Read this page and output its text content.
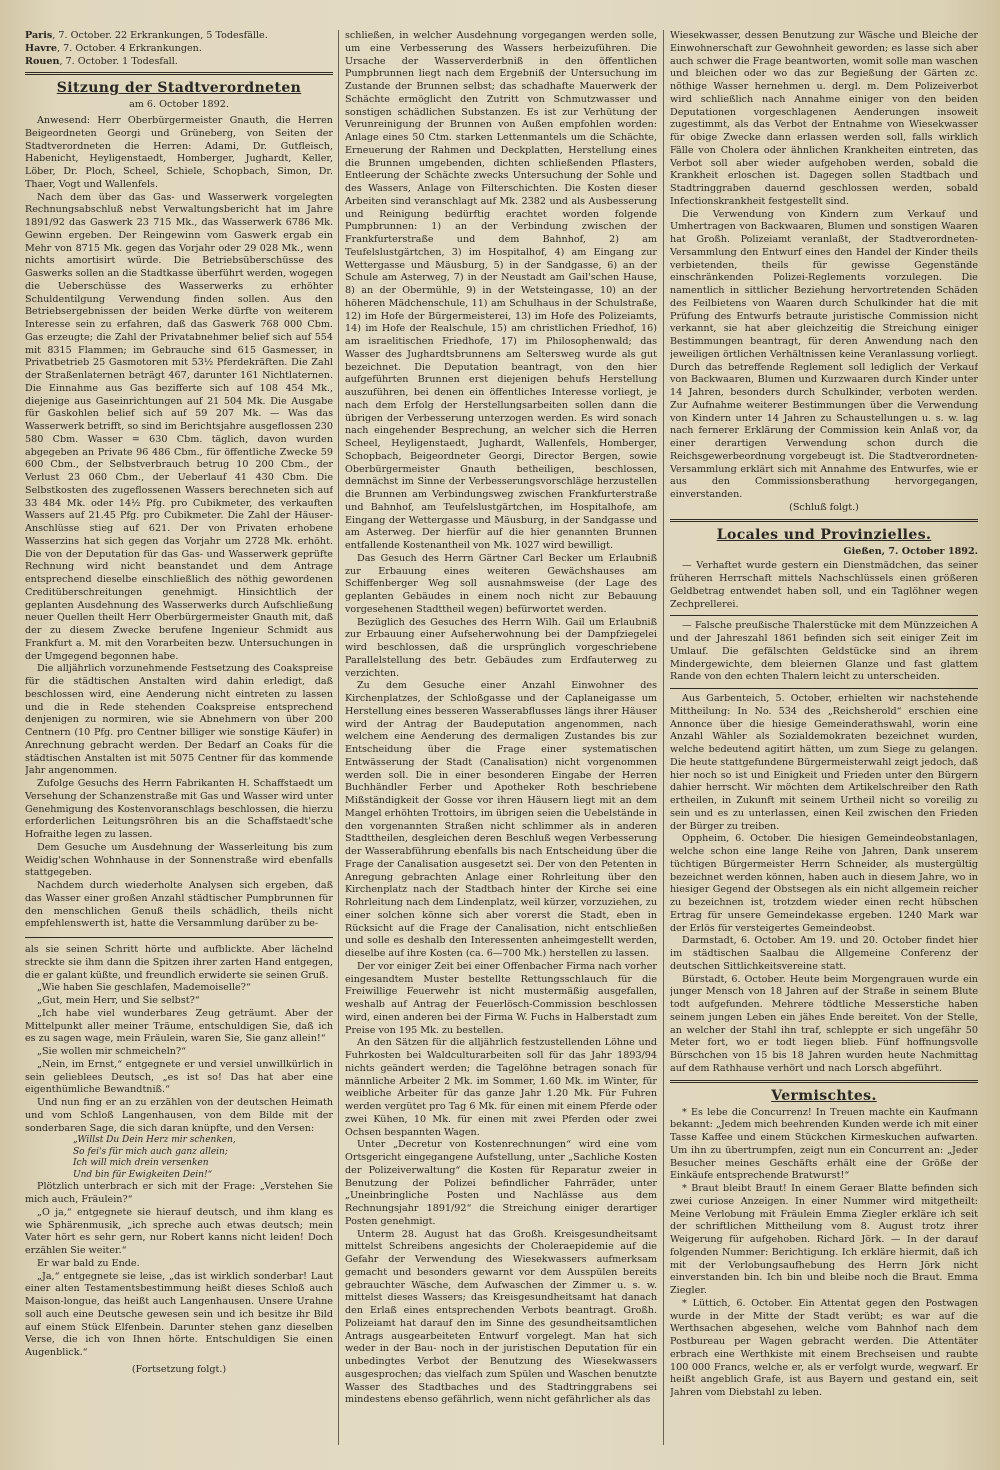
Paris, 7. October. 22 Erkrankungen, 5 Todesfälle.
Havre, 7. October. 4 Erkrankungen.
Rouen, 7. October. 1 Todesfall.
Sitzung der Stadtverordneten
am 6. October 1892.

Anwesend: Herr Oberbürgermeister Gnauth, die Herren Beigeordneten Georgi und Grüneberg, von Seiten der Stadtverordneten die Herren: Adami, Dr. Gutfleisch, Habenicht, Heyligenstaedt, Homberger, Jughardt, Keller, Löber, Dr. Ploch, Scheel, Schiele, Schopbach, Simon, Dr. Thaer, Vogt und Wallenfels.

Nach dem über das Gas- und Wasserwerk vorgelegten Rechnungsabschluß nebst Verwaltungsbericht hat im Jahre 1891/92 das Gaswerk 23 715 Mk., das Wasserwerk 6786 Mk. Gewinn ergeben. Der Reingewinn vom Gaswerk ergab ein Mehr von 8715 Mk. gegen das Vorjahr oder 29 028 Mk., wenn nichts amortisirt würde. Die Betriebsüberschüsse des Gaswerks sollen an die Stadtkasse überführt werden, wogegen die Ueberschüsse des Wasserwerks zu erhöhter Schuldentilgung Verwendung finden sollen. Aus den Betriebsergebnissen der beiden Werke dürfte von weiterem Interesse sein zu erfahren, daß das Gaswerk 768 000 Cbm. Gas erzeugte; die Zahl der Privatabnehmer belief sich auf 554 mit 8315 Flammen; im Gebrauche sind 615 Gasmesser, in Privatbetrieb 25 Gasmotoren mit 53½ Pferdekräften. Die Zahl der Straßenlaternen beträgt 467, darunter 161 Nichtlaternen. Die Einnahme aus Gas bezifferte sich auf 108 454 Mk., diejenige aus Gaseinrichtungen auf 21 504 Mk. Die Ausgabe für Gaskohlen belief sich auf 59 207 Mk. — Was das Wasserwerk betrifft, so sind im Berichtsjahre ausgeflossen 230 580 Cbm. Wasser = 630 Cbm. täglich, davon wurden abgegeben an Private 96 486 Cbm., für öffentliche Zwecke 59 600 Cbm., der Selbstverbrauch betrug 10 200 Cbm., der Verlust 23 060 Cbm., der Ueberlauf 41 430 Cbm. Die Selbstkosten des zugeflossenen Wassers berechneten sich auf 33 484 Mk. oder 14½ Pfg. pro Cubikmeter, des verkauften Wassers auf 21.45 Pfg. pro Cubikmeter. Die Zahl der Häuser-Anschlüsse stieg auf 621. Der von Privaten erhobene Wasserzins hat sich gegen das Vorjahr um 2728 Mk. erhöht. Die von der Deputation für das Gas- und Wasserwerk geprüfte Rechnung wird nicht beanstandet und dem Antrage entsprechend dieselbe einschließlich des nöthig gewordenen Creditüberschreitungen genehmigt. Hinsichtlich der geplanten Ausdehnung des Wasserwerks durch Aufschließung neuer Quellen theilt Herr Oberbürgermeister Gnauth mit, daß der zu diesem Zwecke berufene Ingenieur Schmidt aus Frankfurt a. M. mit den Vorarbeiten bezw. Untersuchungen in der Umgegend begonnen habe.

Die alljährlich vorzunehmende Festsetzung des Coakspreise für die städtischen Anstalten wird dahin erledigt, daß beschlossen wird, eine Aenderung nicht eintreten zu lassen und die in Rede stehenden Coakspreise entsprechend denjenigen zu normiren, wie sie Abnehmern von über 200 Centnern (10 Pfg. pro Centner billiger wie sonstige Käufer) in Anrechnung gebracht werden. Der Bedarf an Coaks für die städtischen Anstalten ist mit 5075 Centner für das kommende Jahr angenommen.

Zufolge Gesuchs des Herrn Fabrikanten H. Schaffstaedt um Versehung der Schanzenstraße mit Gas und Wasser wird unter Genehmigung des Kostenvoranschlags beschlossen, die hierzu erforderlichen Leitungsröhren bis an die Schaffstaedt'sche Hofraithe legen zu lassen.

Dem Gesuche um Ausdehnung der Wasserleitung bis zum Weidig'schen Wohnhause in der Sonnenstraße wird ebenfalls stattgegeben.

Nachdem durch wiederholte Analysen sich ergeben, daß das Wasser einer großen Anzahl städtischer Pumpbrunnen für den menschlichen Genuß theils schädlich, theils nicht empfehlenswerth ist, hatte die Versammlung darüber zu be-

als sie seinen Schritt hörte und aufblickte. Aber lächelnd streckte sie ihm dann die Spitzen ihrer zarten Hand entgegen, die er galant küßte, und freundlich erwiderte sie seinen Gruß.

„Wie haben Sie geschlafen, Mademoiselle?“

„Gut, mein Herr, und Sie selbst?“

„Ich habe viel wunderbares Zeug geträumt. Aber der Mittelpunkt aller meiner Träume, entschuldigen Sie, daß ich es zu sagen wage, mein Fräulein, waren Sie, Sie ganz allein!“

„Sie wollen mir schmeicheln?“

„Nein, im Ernst,“ entgegnete er und versiel unwillkürlich in sein gelieblees Deutsch, „es ist so! Das hat aber eine eigenthümliche Bewandtniß.“

Und nun fing er an zu erzählen von der deutschen Heimath und vom Schloß Langenhausen, von dem Bilde mit der sonderbaren Sage, die sich daran knüpfte, und den Versen:

„Willst Du Dein Herz mir schenken,
So fei's für mich auch ganz allein;
Ich will mich drein versenken
Und bin für Ewigkeiten Dein!“

Plötzlich unterbrach er sich mit der Frage: „Verstehen Sie mich auch, Fräulein?“

„O ja,“ entgegnete sie hierauf deutsch, und ihm klang es wie Sphärenmusik, „ich spreche auch etwas deutsch; mein Vater hört es sehr gern, nur Robert kanns nicht leiden! Doch erzählen Sie weiter.“

Er war bald zu Ende.

„Ja,“ entgegnete sie leise, „das ist wirklich sonderbar! Laut einer alten Testamentsbestimmung heißt dieses Schloß auch Maison-longue, das heißt auch Langenhausen. Unsere Urahne soll auch eine Deutsche gewesen sein und ich besitze ihr Bild auf einem Stück Elfenbein. Darunter stehen ganz dieselben Verse, die ich von Ihnen hörte. Entschuldigen Sie einen Augenblick.“

(Fortsetzung folgt.)

schließen, in welcher Ausdehnung vorgegangen werden solle, um eine Verbesserung des Wassers herbeizuführen. Die Ursache der Wasserverderbniß in den öffentlichen Pumpbrunnen liegt nach dem Ergebniß der Untersuchung im Zustande der Brunnen selbst; das schadhafte Mauerwerk der Schächte ermöglicht den Zutritt von Schmutzwasser und sonstigen schädlichen Substanzen. Es ist zur Verhütung der Verunreinigung der Brunnen von Außen empfohlen worden: Anlage eines 50 Ctm. starken Lettenmantels um die Schächte, Erneuerung der Rahmen und Deckplatten, Herstellung eines die Brunnen umgebenden, dichten schließenden Pflasters, Entleerung der Schächte zwecks Untersuchung der Sohle und des Wassers, Anlage von Filterschichten. Die Kosten dieser Arbeiten sind veranschlagt auf Mk. 2382 und als Ausbesserung und Reinigung bedürftig erachtet worden folgende Pumpbrunnen: 1) an der Verbindung zwischen der Frankfurterstraße und dem Bahnhof, 2) am Teufelslustgärtchen, 3) im Hospitalhof, 4) am Eingang zur Wettergasse und Mäusburg, 5) in der Sandgasse, 6) an der Schule am Asterweg, 7) in der Neustadt am Gail'schen Hause, 8) an der Obermühle, 9) in der Wetsteingasse, 10) an der höheren Mädchenschule, 11) am Schulhaus in der Schulstraße, 12) im Hofe der Bürgermeisterei, 13) im Hofe des Polizeiamts, 14) im Hofe der Realschule, 15) am christlichen Friedhof, 16) am israelitischen Friedhofe, 17) im Philosophenwald; das Wasser des Jughardtsbrunnens am Seltersweg wurde als gut bezeichnet. Die Deputation beantragt, von den hier aufgeführten Brunnen erst diejenigen behufs Herstellung auszuführen, bei denen ein öffentliches Interesse vorliegt, je nach dem Erfolg der Herstellungsarbeiten sollen dann die übrigen der Verbesserung unterzogen werden. Es wird sonach nach eingehender Besprechung, an welcher sich die Herren Scheel, Heyligenstaedt, Jughardt, Wallenfels, Homberger, Schopbach, Beigeordneter Georgi, Director Bergen, sowie Oberbürgermeister Gnauth betheiligen, beschlossen, demnächst im Sinne der Verbesserungsvorschläge herzustellen die Brunnen am Verbindungsweg zwischen Frankfurterstraße und Bahnhof, am Teufelslustgärtchen, im Hospitalhofe, am Eingang der Wettergasse und Mäusburg, in der Sandgasse und am Asterweg. Der hierfür auf die hier genannten Brunnen entfallende Kostenantheil von Mk. 1027 wird bewilligt.

Das Gesuch des Herrn Gärtner Carl Becker um Erlaubniß zur Erbauung eines weiteren Gewächshauses am Schiffenberger Weg soll ausnahmsweise (der Lage des geplanten Gebäudes in einem noch nicht zur Bebauung vorgesehenen Stadttheil wegen) befürwortet werden.

Bezüglich des Gesuches des Herrn Wilh. Gail um Erlaubniß zur Erbauung einer Aufseherwohnung bei der Dampfziegelei wird beschlossen, daß die ursprünglich vorgeschriebene Parallelstellung des betr. Gebäudes zum Erdfauterweg zu verzichten.

Zu dem Gesuche einer Anzahl Einwohner des Kirchenplatzes, der Schloßgasse und der Caplaneigasse um Herstellung eines besseren Wasserabflusses längs ihrer Häuser wird der Antrag der Baudeputation angenommen, nach welchem eine Aenderung des dermaligen Zustandes bis zur Entscheidung über die Frage einer systematischen Entwässerung der Stadt (Canalisation) nicht vorgenommen werden soll. Die in einer besonderen Eingabe der Herren Buchhändler Ferber und Apotheker Roth beschriebene Mißständigkeit der Gosse vor ihren Häusern liegt mit an dem Mangel erhöhten Trottoirs, im übrigen seien die Uebelstände in den vorgenannten Straßen nicht schlimmer als in anderen Stadttheilen, desgleichen deren Beschluß wegen Verbesserung der Wasserabführung ebenfalls bis nach Entscheidung über die Frage der Canalisation ausgesetzt sei. Der von den Petenten in Anregung gebrachten Anlage einer Rohrleitung über den Kirchenplatz nach der Stadtbach hinter der Kirche sei eine Rohrleitung nach dem Lindenplatz, weil kürzer, vorzuziehen, zu einer solchen könne sich aber vorerst die Stadt, eben in Rücksicht auf die Frage der Canalisation, nicht entschließen und solle es deshalb den Interessenten anheimgestellt werden, dieselbe auf ihre Kosten (ca. 6—700 Mk.) herstellen zu lassen.

Der vor einiger Zeit bei einer Offenbacher Firma nach vorher eingesandtem Muster bestellte Rettungsschlauch für die Freiwillige Feuerwehr ist nicht mustermäßig ausgefallen, weshalb auf Antrag der Feuerlösch-Commission beschlossen wird, einen anderen bei der Firma W. Fuchs in Halberstadt zum Preise von 195 Mk. zu bestellen.

An den Sätzen für die alljährlich festzustellenden Löhne und Fuhrkosten bei Waldculturarbeiten soll für das Jahr 1893/94 nichts geändert werden; die Tagelöhne betragen sonach für männliche Arbeiter 2 Mk. im Sommer, 1.60 Mk. im Winter, für weibliche Arbeiter für das ganze Jahr 1.20 Mk. Für Fuhren werden vergütet pro Tag 6 Mk. für einen mit einem Pferde oder zwei Kühen, 10 Mk. für einen mit zwei Pferden oder zwei Ochsen bespannten Wagen.

Unter „Decretur von Kostenrechnungen“ wird eine vom Ortsgericht eingegangene Aufstellung, unter „Sachliche Kosten der Polizeiverwaltung“ die Kosten für Reparatur zweier in Benutzung der Polizei befindlicher Fahrräder, unter „Uneinbringliche Posten und Nachlässe aus dem Rechnungsjahr 1891/92“ die Streichung einiger derartiger Posten genehmigt.

Unterm 28. August hat das Großh. Kreisgesundheitsamt mittelst Schreibens angesichts der Choleraepidemie auf die Gefahr der Verwendung des Wiesekwassers aufmerksam gemacht und besonders gewarnt vor dem Ausspülen bereits gebrauchter Wäsche, dem Aufwaschen der Zimmer u. s. w. mittelst dieses Wassers; das Kreisgesundheitsamt hat danach den Erlaß eines entsprechenden Verbots beantragt. Großh. Polizeiamt hat darauf den im Sinne des gesundheitsamtlichen Antrags ausgearbeiteten Entwurf vorgelegt. Man hat sich weder in der Bau- noch in der juristischen Deputation für ein unbedingtes Verbot der Benutzung des Wiesekwassers ausgesprochen; das vielfach zum Spülen und Waschen benutzte Wasser des Stadtbaches und des Stadtringgrabens sei mindestens ebenso gefährlich, wenn nicht gefährlicher als das

Wiesekwasser, dessen Benutzung zur Wäsche und Bleiche der Einwohnerschaft zur Gewohnheit geworden; es lasse sich aber auch schwer die Frage beantworten, womit solle man waschen und bleichen oder wo das zur Begießung der Gärten zc. nöthige Wasser hernehmen u. dergl. m. Dem Polizeiverbot wird schließlich nach Annahme einiger von den beiden Deputationen vorgeschlagenen Aenderungen insoweit zugestimmt, als das Verbot der Entnahme von Wiesekwasser für obige Zwecke dann erlassen werden soll, falls wirklich Fälle von Cholera oder ähnlichen Krankheiten eintreten, das Verbot soll aber wieder aufgehoben werden, sobald die Krankheit erloschen ist. Dagegen sollen Stadtbach und Stadtringgraben dauernd geschlossen werden, sobald Infectionskrankheit festgestellt sind.

Die Verwendung von Kindern zum Verkauf und Umhertragen von Backwaaren, Blumen und sonstigen Waaren hat Großh. Polizeiamt veranlaßt, der Stadtverordneten-Versammlung den Entwurf eines den Handel der Kinder theils verbietenden, theils für gewisse Gegenstände einschränkenden Polizei-Reglements vorzulegen. Die namentlich in sittlicher Beziehung hervortretenden Schäden des Feilbietens von Waaren durch Schulkinder hat die mit Prüfung des Entwurfs betraute juristische Commission nicht verkannt, sie hat aber gleichzeitig die Streichung einiger Bestimmungen beantragt, für deren Anwendung nach den jeweiligen örtlichen Verhältnissen keine Veranlassung vorliegt. Durch das betreffende Reglement soll lediglich der Verkauf von Backwaaren, Blumen und Kurzwaaren durch Kinder unter 14 Jahren, besonders durch Schulkinder, verboten werden. Zur Aufnahme weiterer Bestimmungen über die Verwendung von Kindern unter 14 Jahren zu Schaustellungen u. s. w. lag nach fernerer Erklärung der Commission kein Anlaß vor, da einer derartigen Verwendung schon durch die Reichsgewerbeordnung vorgebeugt ist. Die Stadtverordneten-Versammlung erklärt sich mit Annahme des Entwurfes, wie er aus den Commissionsberathung hervorgegangen, einverstanden.

(Schluß folgt.)

Locales und Provinzielles.
Gießen, 7. October 1892.

— Verhaftet wurde gestern ein Dienstmädchen, das seiner früheren Herrschaft mittels Nachschlüssels einen größeren Geldbetrag entwendet haben soll, und ein Taglöhner wegen Zechprellerei.

— Falsche preußische Thalerstücke mit dem Münzzeichen A und der Jahreszahl 1861 befinden sich seit einiger Zeit im Umlauf. Die gefälschten Geldstücke sind an ihrem Mindergewichte, dem bleiernen Glanze und fast glattem Rande von den echten Thalern leicht zu unterscheiden.

Aus Garbenteich, 5. October, erhielten wir nachstehende Mittheilung: In No. 534 des „Reichsherold“ erschien eine Annonce über die hiesige Gemeinderathswahl, worin eine Anzahl Wähler als Sozialdemokraten bezeichnet wurden, welche bedeutend agitirt hätten, um zum Siege zu gelangen. Die heute stattgefundene Bürgermeisterwahl zeigt jedoch, daß hier noch so ist und Einigkeit und Frieden unter den Bürgern dahier herrscht. Wir möchten dem Artikelschreiber den Rath ertheilen, in Zukunft mit seinem Urtheil nicht so voreilig zu sein und es zu unterlassen, einen Keil zwischen den Frieden der Bürger zu treiben.

Oppheim, 6. October. Die hiesigen Gemeindeobstanlagen, welche schon eine lange Reihe von Jahren, Dank unserem tüchtigen Bürgermeister Herrn Schneider, als mustergültig bezeichnet werden können, haben auch in diesem Jahre, wo in hiesiger Gegend der Obstsegen als ein nicht allgemein reicher zu bezeichnen ist, trotzdem wieder einen recht hübschen Ertrag für unsere Gemeindekasse ergeben. 1240 Mark war der Erlös für versteigertes Gemeindeobst.

Darmstadt, 6. October. Am 19. und 20. October findet hier im städtischen Saalbau die Allgemeine Conferenz der deutschen Sittlichkeitsvereine statt.

Bürstadt, 6. October. Heute beim Morgengrauen wurde ein junger Mensch von 18 Jahren auf der Straße in seinem Blute todt aufgefunden. Mehrere tödtliche Messerstiche haben seinem jungen Leben ein jähes Ende bereitet. Von der Stelle, an welcher der Stahl ihn traf, schleppte er sich ungefähr 50 Meter fort, wo er todt liegen blieb. Fünf hoffnungsvolle Bürschchen von 15 bis 18 Jahren wurden heute Nachmittag auf dem Rathhause verhört und nach Lorsch abgeführt.

Vermischtes.

* Es lebe die Concurrenz! In Treuen machte ein Kaufmann bekannt: „Jedem mich beehrenden Kunden werde ich mit einer Tasse Kaffee und einem Stückchen Kirmeskuchen aufwarten. Um ihn zu übertrumpfen, zeigt nun ein Concurrent an: „Jeder Besucher meines Geschäfts erhält eine der Größe der Einkäufe entsprechende Bratwurst!“

* Braut bleibt Braut! In einem Geraer Blatte befinden sich zwei curiose Anzeigen. In einer Nummer wird mitgetheilt: Meine Verlobung mit Fräulein Emma Ziegler erkläre ich seit der schriftlichen Mittheilung vom 8. August trotz ihrer Weigerung für aufgehoben. Richard Jörk. — In der darauf folgenden Nummer: Berichtigung. Ich erkläre hiermit, daß ich mit der Verlobungsaufhebung des Herrn Jörk nicht einverstanden bin. Ich bin und bleibe noch die Braut. Emma Ziegler.

* Lüttich, 6. October. Ein Attentat gegen den Postwagen wurde in der Mitte der Stadt verübt; es war auf die Werthsachen abgesehen, welche vom Bahnhof nach dem Postbureau per Wagen gebracht werden. Die Attentäter erbrach eine Werthkiste mit einem Brechseisen und raubte 100 000 Francs, welche er, als er verfolgt wurde, wegwarf. Er heißt angeblich Grafe, ist aus Bayern und gestand ein, seit Jahren vom Diebstahl zu leben.
